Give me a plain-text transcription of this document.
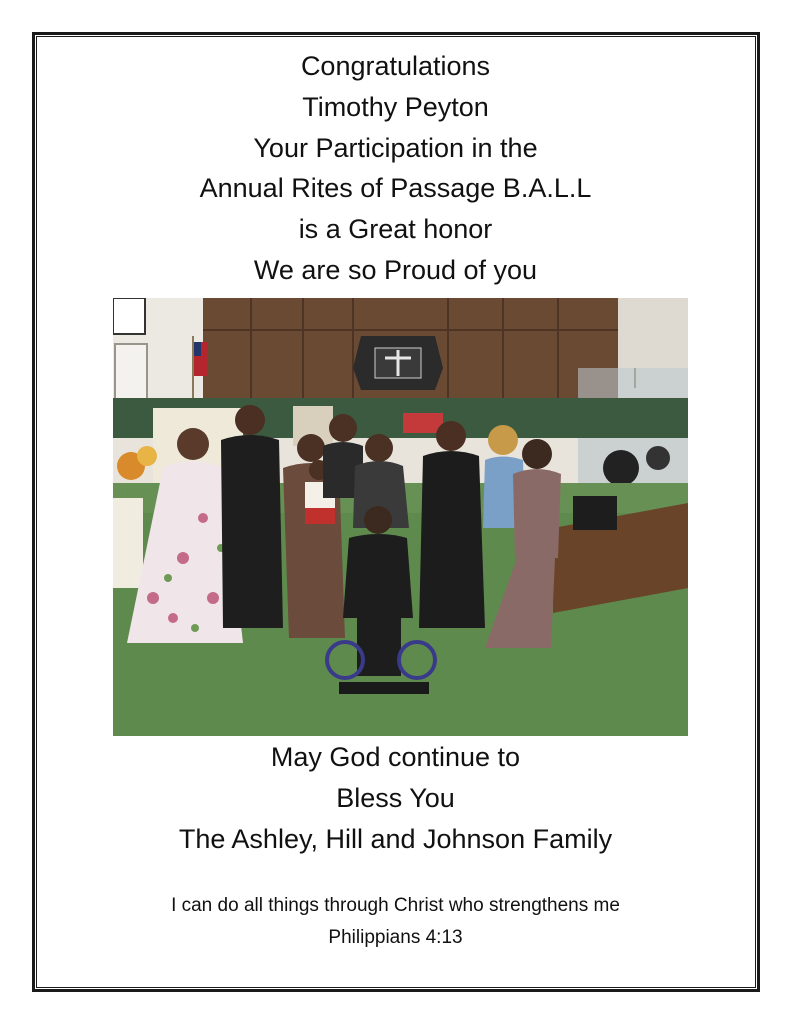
Congratulations
Timothy Peyton
Your Participation in the
Annual Rites of Passage B.A.L.L
is a Great honor
We are so Proud of you
May God continue to
Bless You
The Ashley, Hill and Johnson Family
I can do all things through Christ who strengthens me
Philippians 4:13
